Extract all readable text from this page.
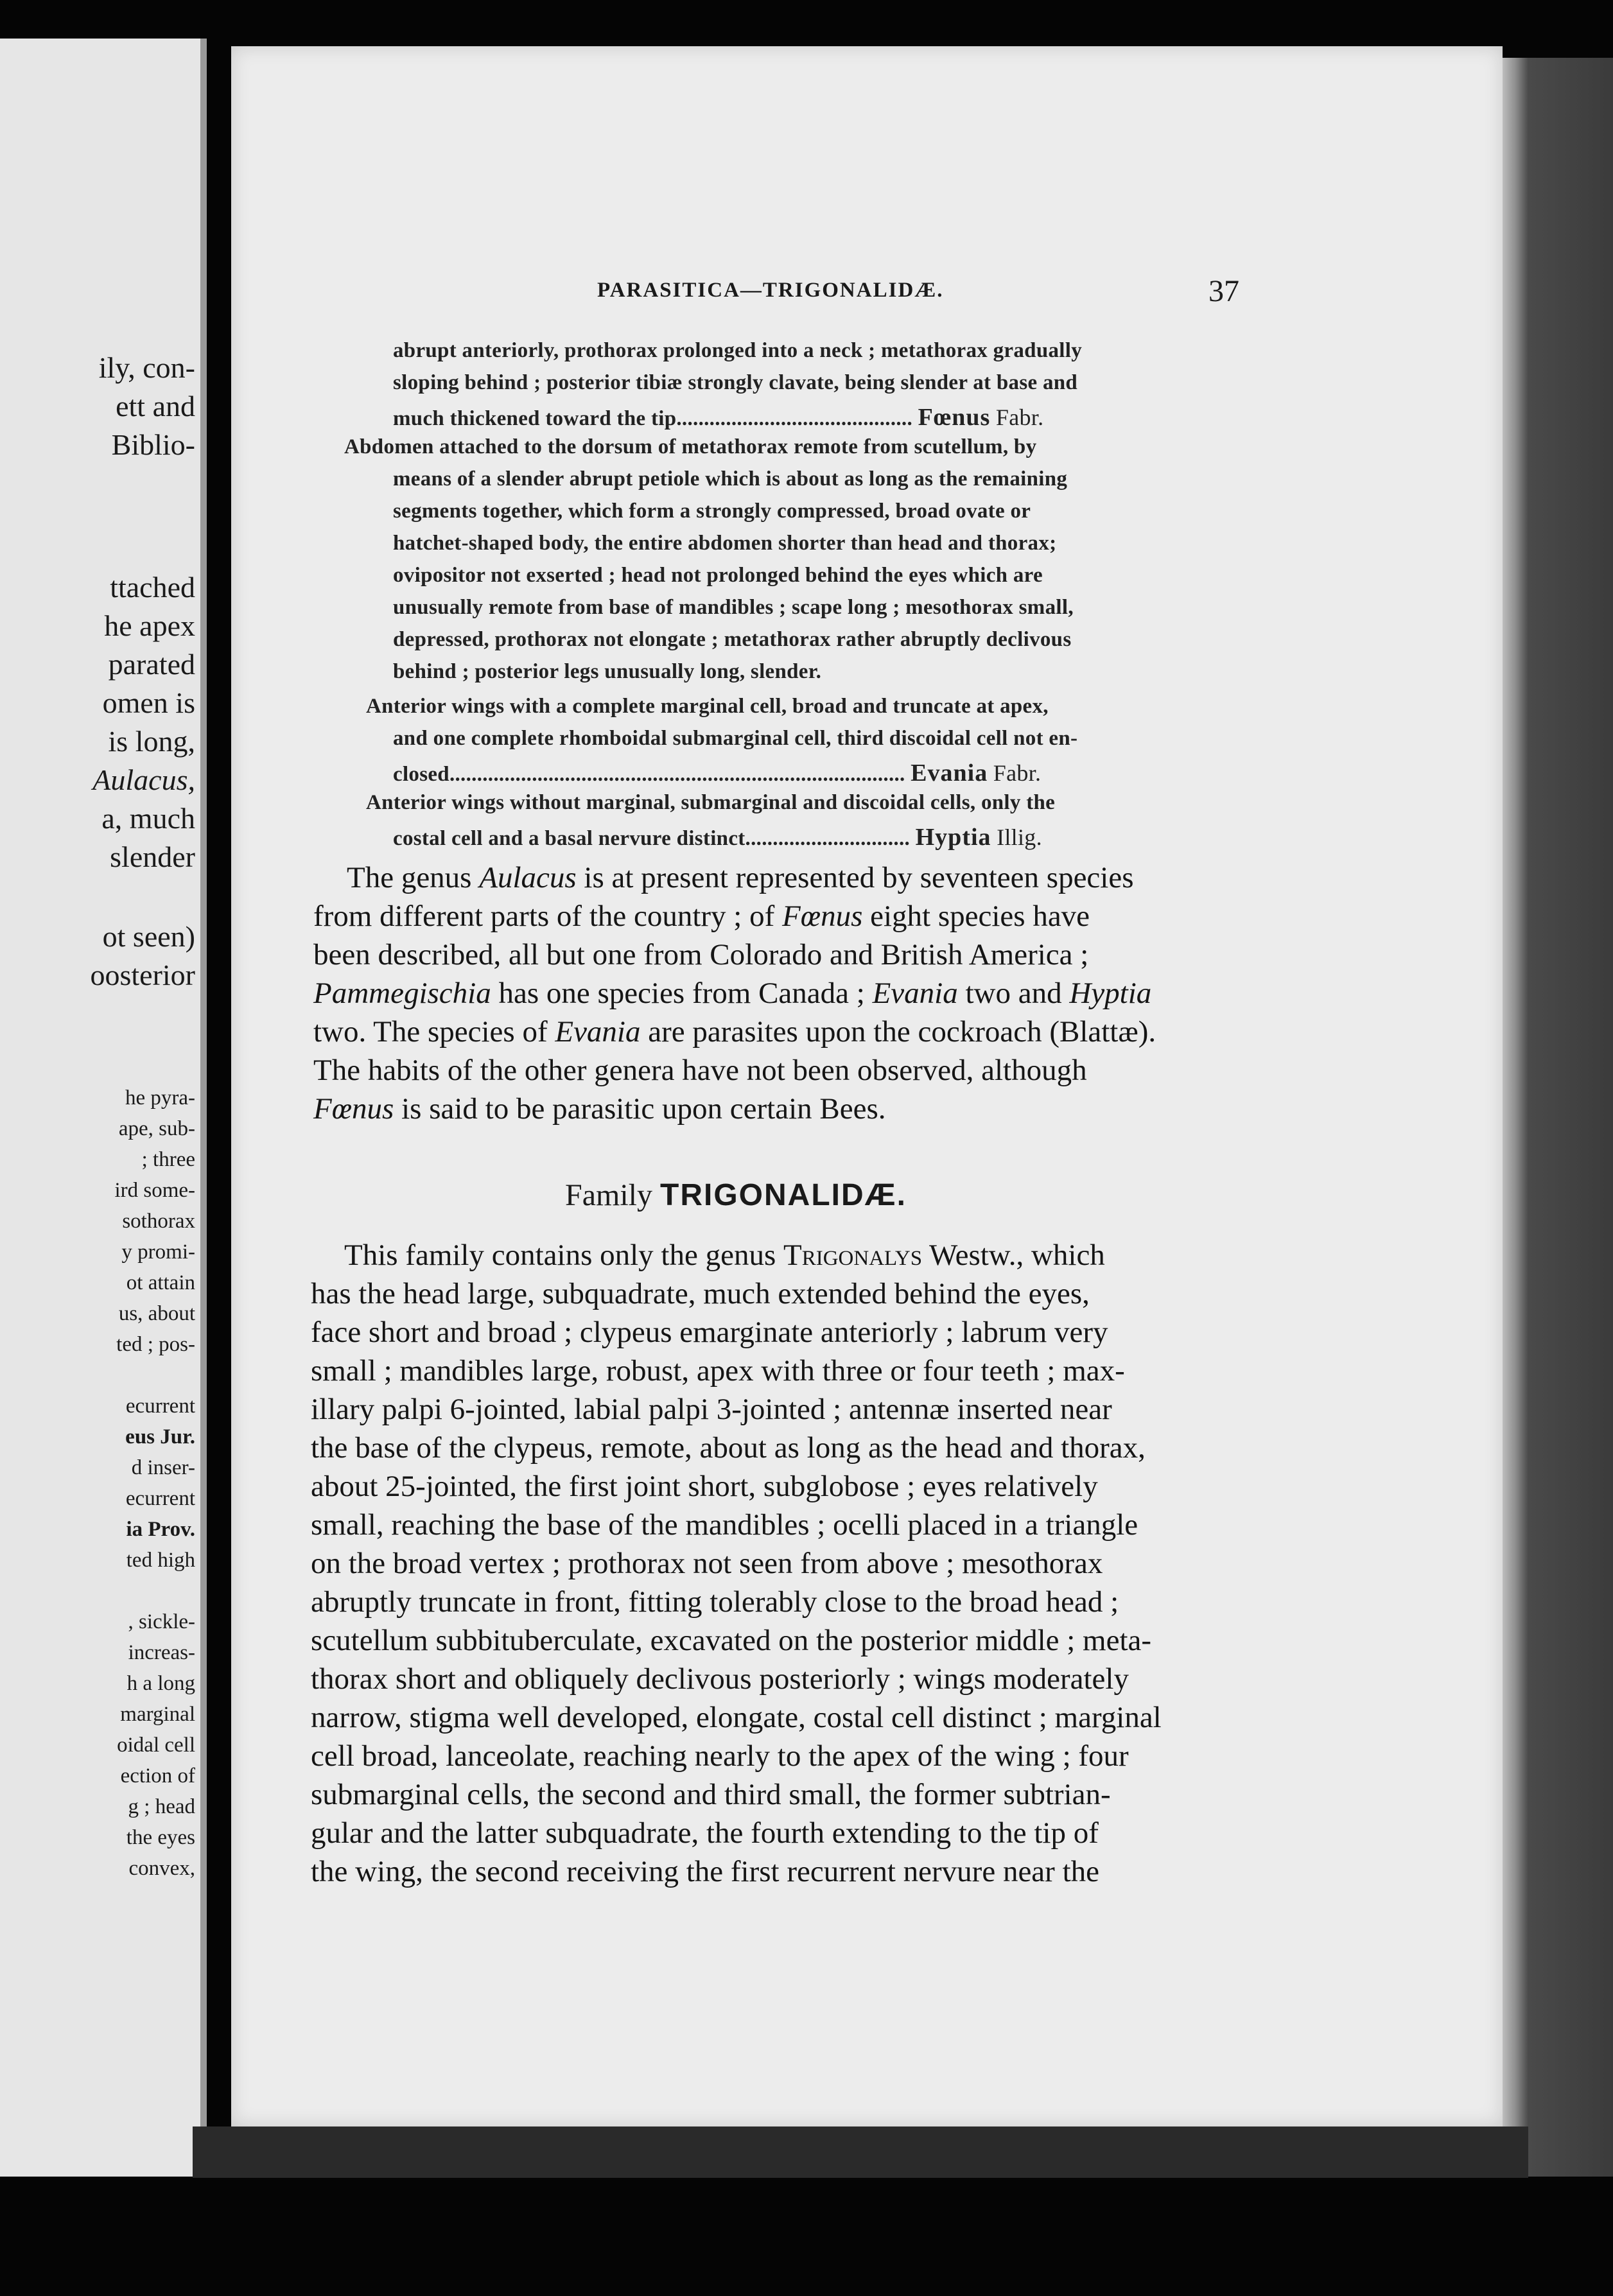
ily, con-
ett and
Biblio-
ttached
he apex
parated
omen is
is long,
Aulacus,
a, much
slender
ot seen)
oosterior
he pyra-
ape, sub-
; three
ird some-
sothorax
y promi-
ot attain
us, about
ted ; pos-
ecurrent
eus Jur.
d inser-
ecurrent
ia Prov.
ted high
, sickle-
increas-
h a long
marginal
oidal cell
ection of
g ; head
the eyes
convex,
PARASITICA—TRIGONALIDÆ.	37
abrupt anteriorly, prothorax prolonged into a neck ; metathorax gradually
sloping behind ; posterior tibiæ strongly clavate, being slender at base and
much thickened toward the tip........................................... Fœnus Fabr.
Abdomen attached to the dorsum of metathorax remote from scutellum, by
means of a slender abrupt petiole which is about as long as the remaining
segments together, which form a strongly compressed, broad ovate or
hatchet-shaped body, the entire abdomen shorter than head and thorax;
ovipositor not exserted ; head not prolonged behind the eyes which are
unusually remote from base of mandibles ; scape long ; mesothorax small,
depressed, prothorax not elongate ; metathorax rather abruptly declivous
behind ; posterior legs unusually long, slender.
Anterior wings with a complete marginal cell, broad and truncate at apex,
and one complete rhomboidal submarginal cell, third discoidal cell not en-
closed................................................................................... Evania Fabr.
Anterior wings without marginal, submarginal and discoidal cells, only the
costal cell and a basal nervure distinct.............................. Hyptia Illig.
The genus Aulacus is at present represented by seventeen species
from different parts of the country ; of Fœnus eight species have
been described, all but one from Colorado and British America ;
Pammegischia has one species from Canada ; Evania two and Hyptia
two. The species of Evania are parasites upon the cockroach (Blattæ).
The habits of the other genera have not been observed, although
Fœnus is said to be parasitic upon certain Bees.
Family TRIGONALIDÆ.
This family contains only the genus Trigonalys Westw., which
has the head large, subquadrate, much extended behind the eyes,
face short and broad ; clypeus emarginate anteriorly ; labrum very
small ; mandibles large, robust, apex with three or four teeth ; max-
illary palpi 6-jointed, labial palpi 3-jointed ; antennæ inserted near
the base of the clypeus, remote, about as long as the head and thorax,
about 25-jointed, the first joint short, subglobose ; eyes relatively
small, reaching the base of the mandibles ; ocelli placed in a triangle
on the broad vertex ; prothorax not seen from above ; mesothorax
abruptly truncate in front, fitting tolerably close to the broad head ;
scutellum subbituberculate, excavated on the posterior middle ; meta-
thorax short and obliquely declivous posteriorly ; wings moderately
narrow, stigma well developed, elongate, costal cell distinct ; marginal
cell broad, lanceolate, reaching nearly to the apex of the wing ; four
submarginal cells, the second and third small, the former subtrian-
gular and the latter subquadrate, the fourth extending to the tip of
the wing, the second receiving the first recurrent nervure near the
